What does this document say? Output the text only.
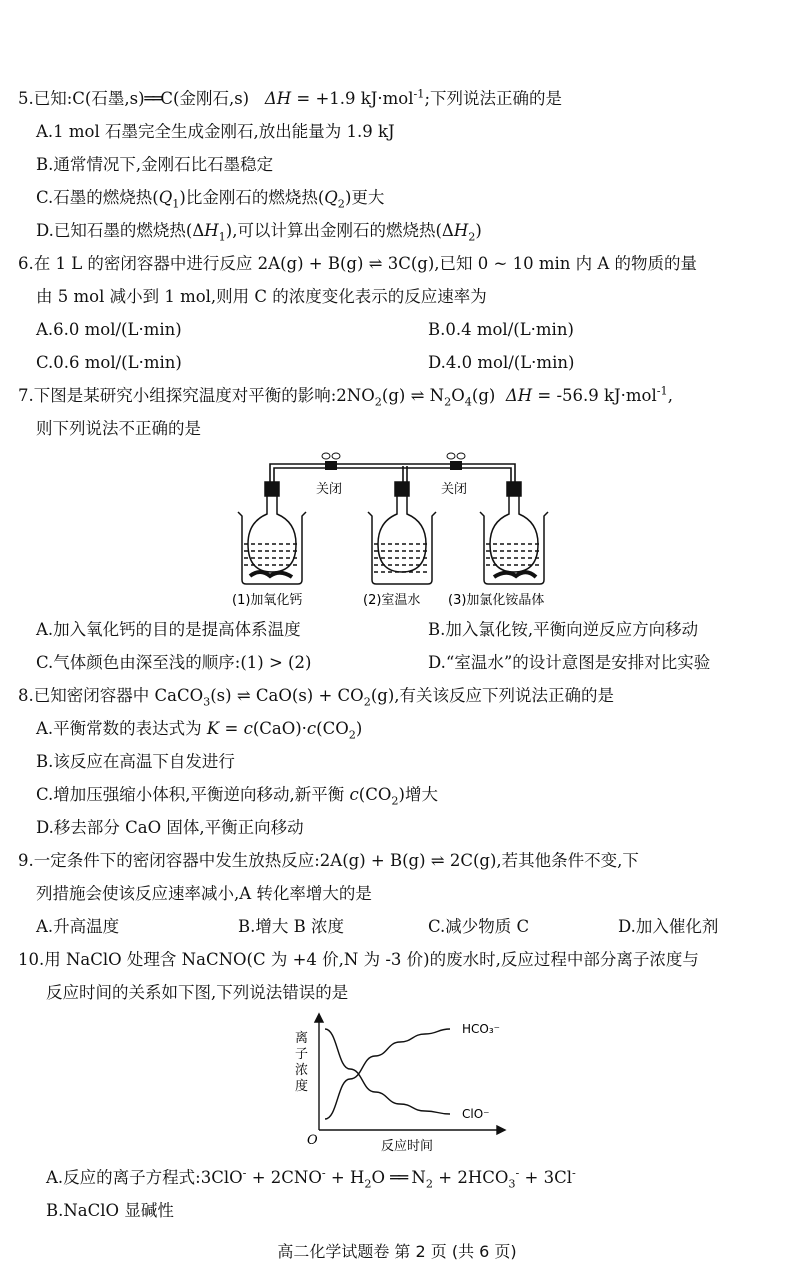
5.已知:C(石墨,s)══C(金刚石,s)   ΔH = +1.9 kJ·mol$^{-1}$;下列说法正确的是
A.1 mol 石墨完全生成金刚石,放出能量为 1.9 kJ
B.通常情况下,金刚石比石墨稳定
C.石墨的燃烧热$(Q_1)$比金刚石的燃烧热$(Q_2)$更大
D.已知石墨的燃烧热$(\Delta H_1)$,可以计算出金刚石的燃烧热$(\Delta H_2)$
6.在 1 L 的密闭容器中进行反应 2A(g) + B(g) ⇌ 3C(g),已知 0 ~ 10 min 内 A 的物质的量
由 5 mol 减小到 1 mol,则用 C 的浓度变化表示的反应速率为
A.6.0 mol/(L·min)	B.0.4 mol/(L·min)
C.0.6 mol/(L·min)	D.4.0 mol/(L·min)
7.下图是某研究小组探究温度对平衡的影响$:2NO_2(g)$ ⇌ $N_2O_4(g) \Delta H = -56.9$ kJ·mol$^{-1}$,
则下列说法不正确的是
关闭	关闭
(1)加氧化钙	(2)室温水 (3)加氯化铵晶体
A.加入氧化钙的目的是提高体系温度	B.加入氯化铵,平衡向逆反应方向移动
C.气体颜色由深至浅的顺序:(1) > (2)	D.“室温水”的设计意图是安排对比实验
8.已知密闭容器中 CaCO$_3$(s) ⇌ $CaO(s) + CO_2(g)$,有关该反应下列说法正确的是
A.平衡常数的表达式为 $K = c(CaO)\cdot c(CO_2)$
B.该反应在高温下自发进行
C.增加压强缩小体积,平衡逆向移动,新平衡 $c(CO_2)$增大
D.移去部分 CaO 固体,平衡正向移动
9.一定条件下的密闭容器中发生放热反应:2A(g) + B(g) ⇌ 2C(g),若其他条件不变,下
列措施会使该反应速率减小,A 转化率增大的是
A.升高温度	B.增大 B 浓度	C.减少物质 C	D.加入催化剂
10.用 NaClO 处理含 NaCNO(C 为 +4 价,N 为 -3 价)的废水时,反应过程中部分离子浓度与
反应时间的关系如下图,下列说法错误的是
离
子
浓
度
O	反应时间
HCO₃⁻
ClO⁻
A.反应的离子方程式:3ClO- + $2CNO^- + H_2O$ ══ $N_2 + 2HCO_3^- + 3Cl^-$
B.NaClO 显碱性
高二化学试题卷 第 2 页 (共 6 页)
